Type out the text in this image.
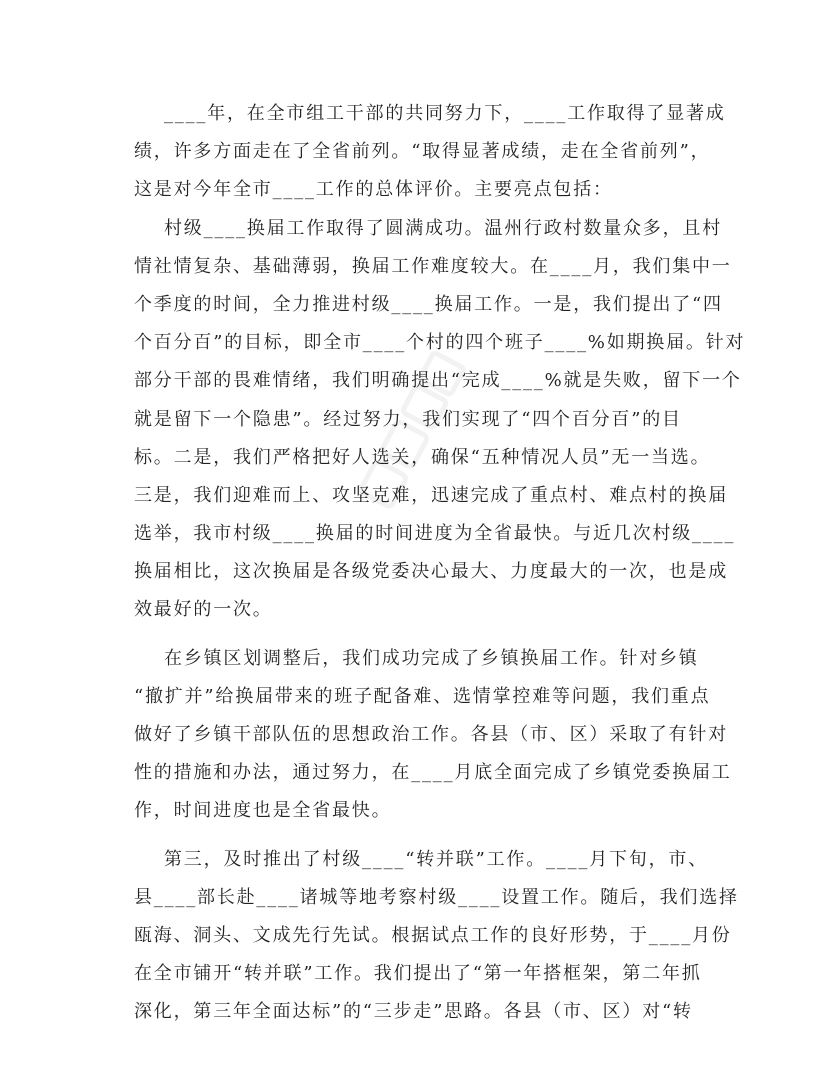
____年，在全市组工干部的共同努力下，____工作取得了显著成
绩，许多方面走在了全省前列。“取得显著成绩，走在全省前列”，
这是对今年全市____工作的总体评价。主要亮点包括：
村级____换届工作取得了圆满成功。温州行政村数量众多，且村
情社情复杂、基础薄弱，换届工作难度较大。在____月，我们集中一
个季度的时间，全力推进村级____换届工作。一是，我们提出了“四
个百分百”的目标，即全市____个村的四个班子____%如期换届。针对
部分干部的畏难情绪，我们明确提出“完成____%就是失败，留下一个
就是留下一个隐患”。经过努力，我们实现了“四个百分百”的目
标。二是，我们严格把好人选关，确保“五种情况人员”无一当选。
三是，我们迎难而上、攻坚克难，迅速完成了重点村、难点村的换届
选举，我市村级____换届的时间进度为全省最快。与近几次村级____
换届相比，这次换届是各级党委决心最大、力度最大的一次，也是成
效最好的一次。
在乡镇区划调整后，我们成功完成了乡镇换届工作。针对乡镇
“撤扩并”给换届带来的班子配备难、选情掌控难等问题，我们重点
做好了乡镇干部队伍的思想政治工作。各县（市、区）采取了有针对
性的措施和办法，通过努力，在____月底全面完成了乡镇党委换届工
作，时间进度也是全省最快。
第三，及时推出了村级____“转并联”工作。____月下旬，市、
县____部长赴____诸城等地考察村级____设置工作。随后，我们选择
瓯海、洞头、文成先行先试。根据试点工作的良好形势，于____月份
在全市铺开“转并联”工作。我们提出了“第一年搭框架，第二年抓
深化，第三年全面达标”的“三步走”思路。各县（市、区）对“转
